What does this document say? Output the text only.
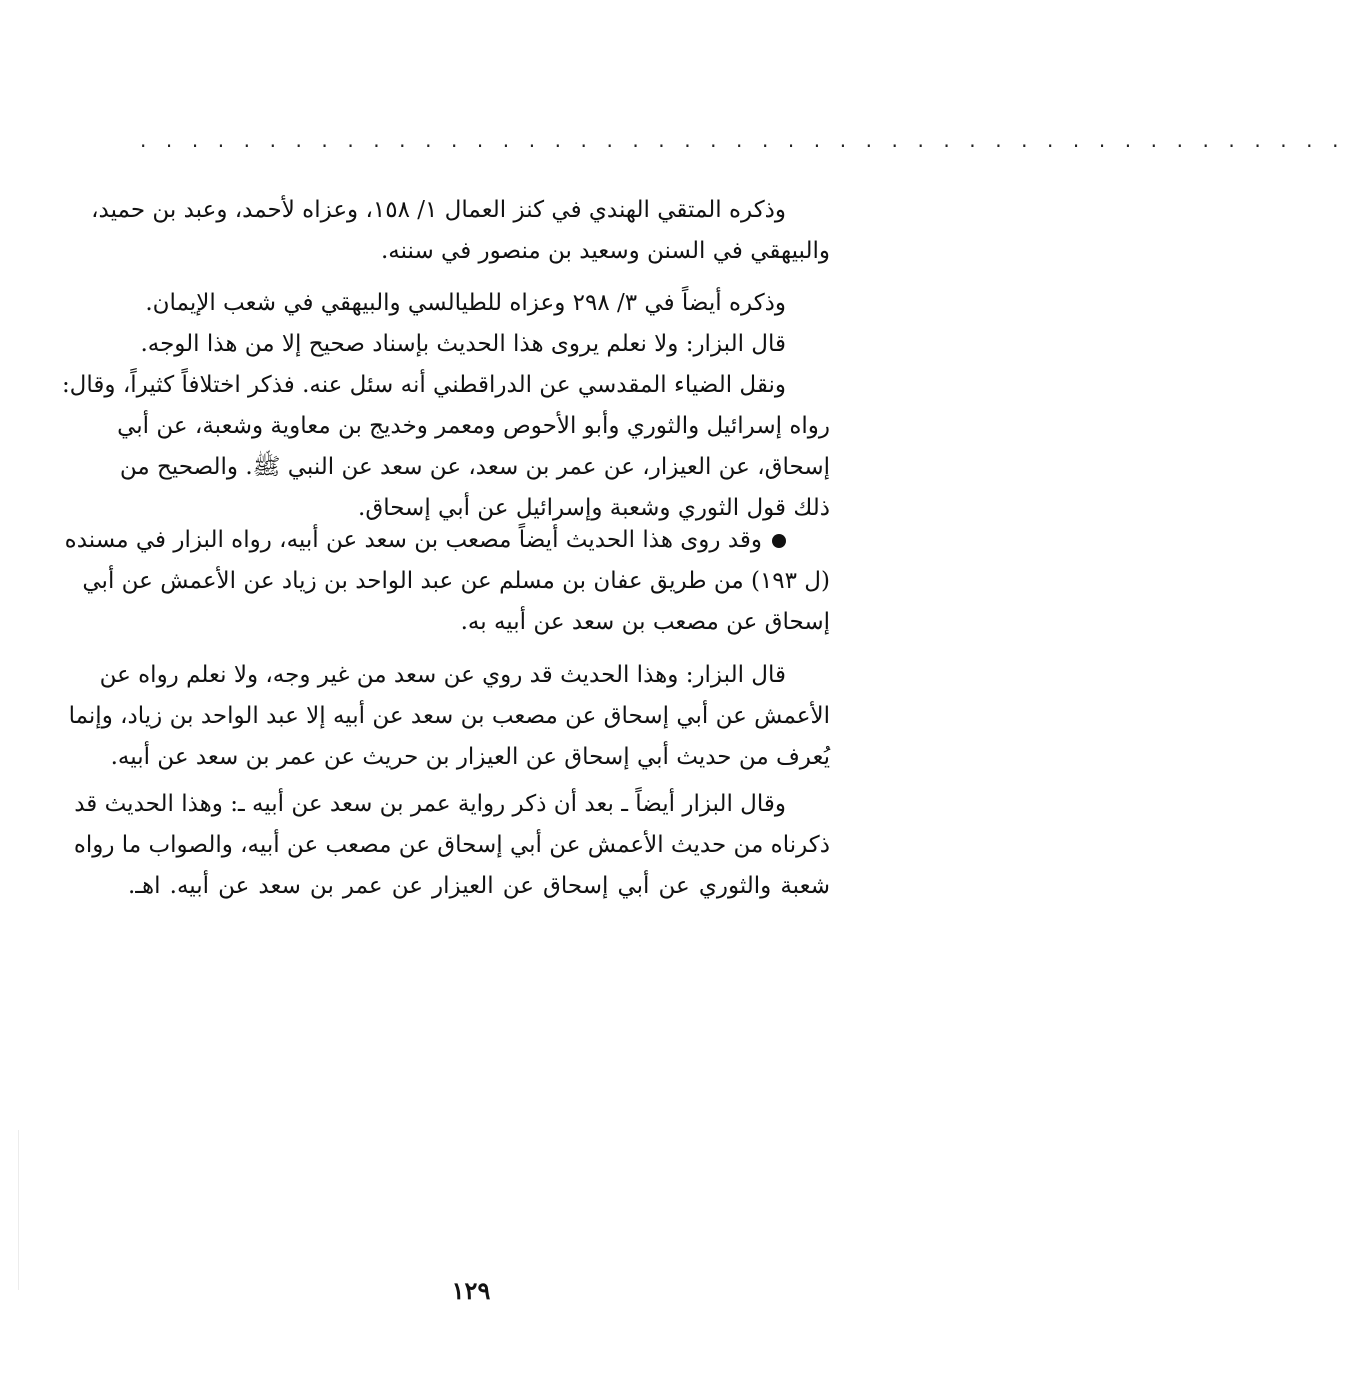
· · · · · · · · · · · · · · · · · · · · · · · · · · · · · · · · · · · · · · · · · · · · · · ·
وذكره المتقي الهندي في كنز العمال ١/ ١٥٨، وعزاه لأحمد، وعبد بن حميد،
والبيهقي في السنن وسعيد بن منصور في سننه.
وذكره أيضاً في ٣/ ٢٩٨ وعزاه للطيالسي والبيهقي في شعب الإيمان.
قال البزار: ولا نعلم يروى هذا الحديث بإسناد صحيح إلا من هذا الوجه.
ونقل الضياء المقدسي عن الدراقطني أنه سئل عنه. فذكر اختلافاً كثيراً، وقال:
رواه إسرائيل والثوري وأبو الأحوص ومعمر وخديج بن معاوية وشعبة، عن أبي
إسحاق، عن العيزار، عن عمر بن سعد، عن سعد عن النبي ﷺ. والصحيح من
ذلك قول الثوري وشعبة وإسرائيل عن أبي إسحاق.
وقد روى هذا الحديث أيضاً مصعب بن سعد عن أبيه، رواه البزار في مسنده
(ل ١٩٣) من طريق عفان بن مسلم عن عبد الواحد بن زياد عن الأعمش عن أبي
إسحاق عن مصعب بن سعد عن أبيه به.
قال البزار: وهذا الحديث قد روي عن سعد من غير وجه، ولا نعلم رواه عن
الأعمش عن أبي إسحاق عن مصعب بن سعد عن أبيه إلا عبد الواحد بن زياد، وإنما
يُعرف من حديث أبي إسحاق عن العيزار بن حريث عن عمر بن سعد عن أبيه.
وقال البزار أيضاً ـ بعد أن ذكر رواية عمر بن سعد عن أبيه ـ: وهذا الحديث قد
ذكرناه من حديث الأعمش عن أبي إسحاق عن مصعب عن أبيه، والصواب ما رواه
شعبة والثوري عن أبي إسحاق عن العيزار عن عمر بن سعد عن أبيه. اهـ.
١٢٩
